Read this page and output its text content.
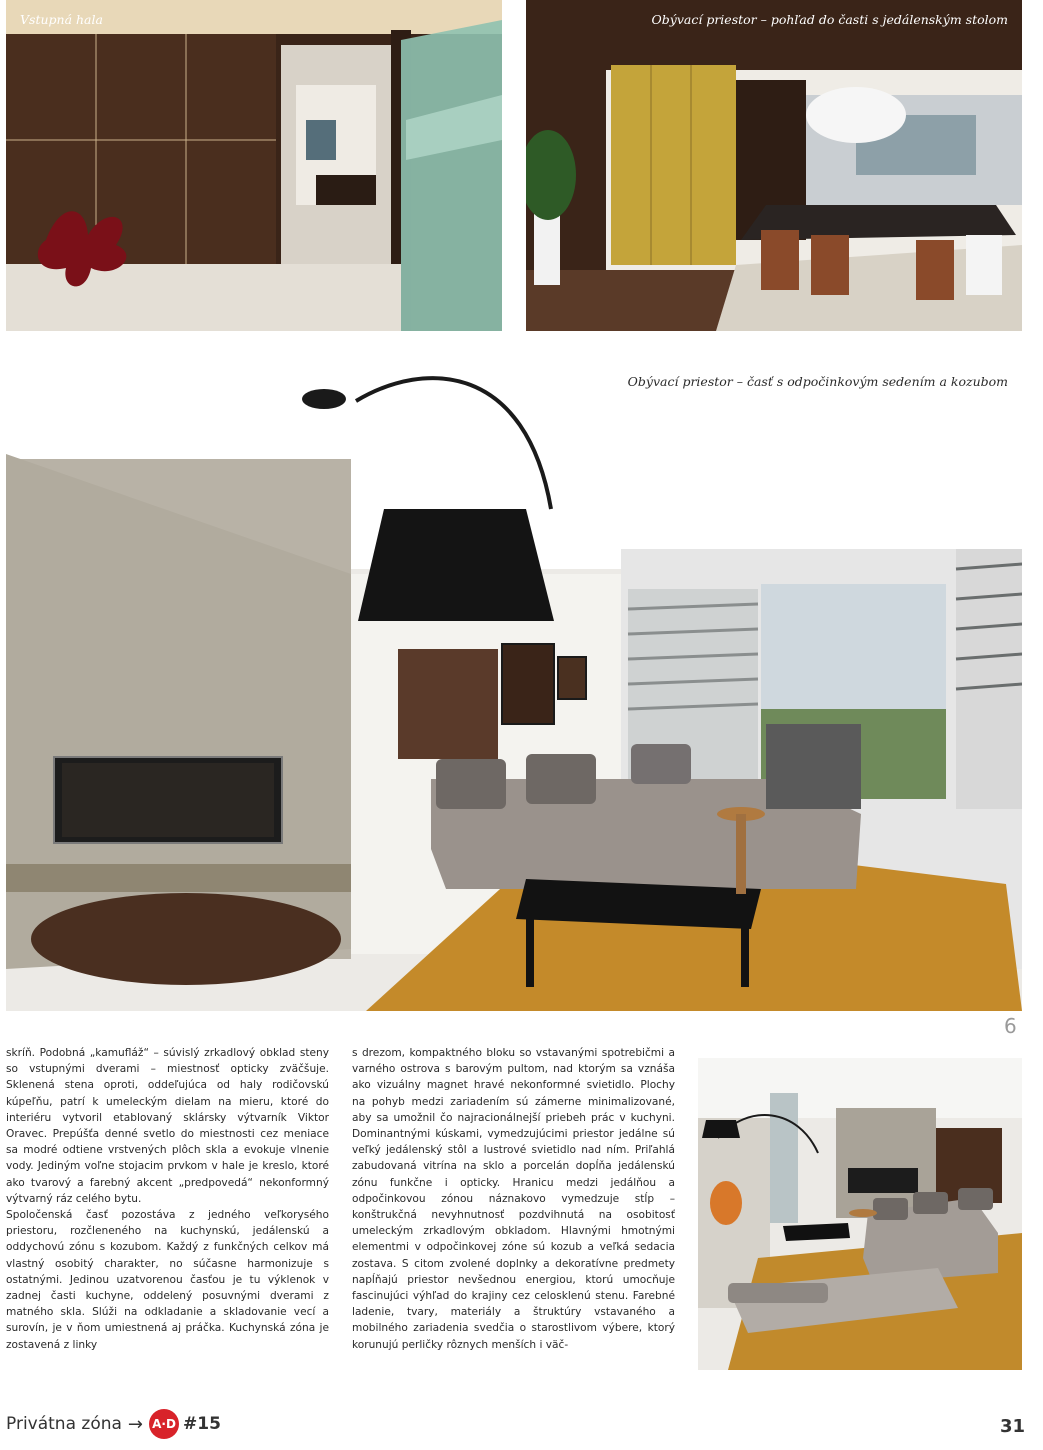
Vstupná hala	Obývací priestor – pohľad do časti s jedálenským stolom
Obývací priestor – časť s odpočinkovým sedením a kozubom
6

skríň. Podobná „kamufláž“ – súvislý zrkadlový obklad steny so vstupnými dverami – miestnosť opticky zväčšuje. Sklenená stena oproti, oddeľujúca od haly rodičovskú kúpeľňu, patrí k umeleckým dielam na mieru, ktoré do interiéru vytvoril etablovaný sklársky výtvarník Viktor Oravec. Prepúšťa denné svetlo do miestnosti cez meniace sa modré odtiene vrstvených plôch skla a evokuje vlnenie vody. Jediným voľne stojacim prvkom v hale je kreslo, ktoré ako tvarový a farebný akcent „predpovedá“ nekonformný výtvarný ráz celého bytu.

Spoločenská časť pozostáva z jedného veľkorysého priestoru, rozčleneného na kuchynskú, jedálenskú a oddychovú zónu s kozubom. Každý z funkčných celkov má vlastný osobitý charakter, no súčasne harmonizuje s ostatnými. Jedinou uzatvorenou časťou je tu výklenok v zadnej časti kuchyne, oddelený posuvnými dverami z matného skla. Slúži na odkladanie a skladovanie vecí a surovín, je v ňom umiestnená aj práčka. Kuchynská zóna je zostavená z linky

s drezom, kompaktného bloku so vstavanými spotrebičmi a varného ostrova s barovým pultom, nad ktorým sa vznáša ako vizuálny magnet hravé nekonformné svietidlo. Plochy na pohyb medzi zariadením sú zámerne minimalizované, aby sa umožnil čo najracionálnejší priebeh prác v kuchyni. Dominantnými kúskami, vymedzujúcimi priestor jedálne sú veľký jedálenský stôl a lustrové svietidlo nad ním. Priľahlá zabudovaná vitrína na sklo a porcelán dopĺňa jedálenskú zónu funkčne i opticky. Hranicu medzi jedálňou a odpočinkovou zónou náznakovo vymedzuje stĺp – konštrukčná nevyhnutnosť pozdvihnutá na osobitosť umeleckým zrkadlovým obkladom. Hlavnými hmotnými elementmi v odpočinkovej zóne sú kozub a veľká sedacia zostava. S citom zvolené doplnky a dekoratívne predmety napĺňajú priestor nevšednou energiou, ktorú umocňuje fascinujúci výhľad do krajiny cez celosklenú stenu. Farebné ladenie, tvary, materiály a štruktúry vstavaného a mobilného zariadenia svedčia o starostlivom výbere, ktorý korunujú perličky rôznych menších i väč-

Privátna zóna → A·D #15	31
